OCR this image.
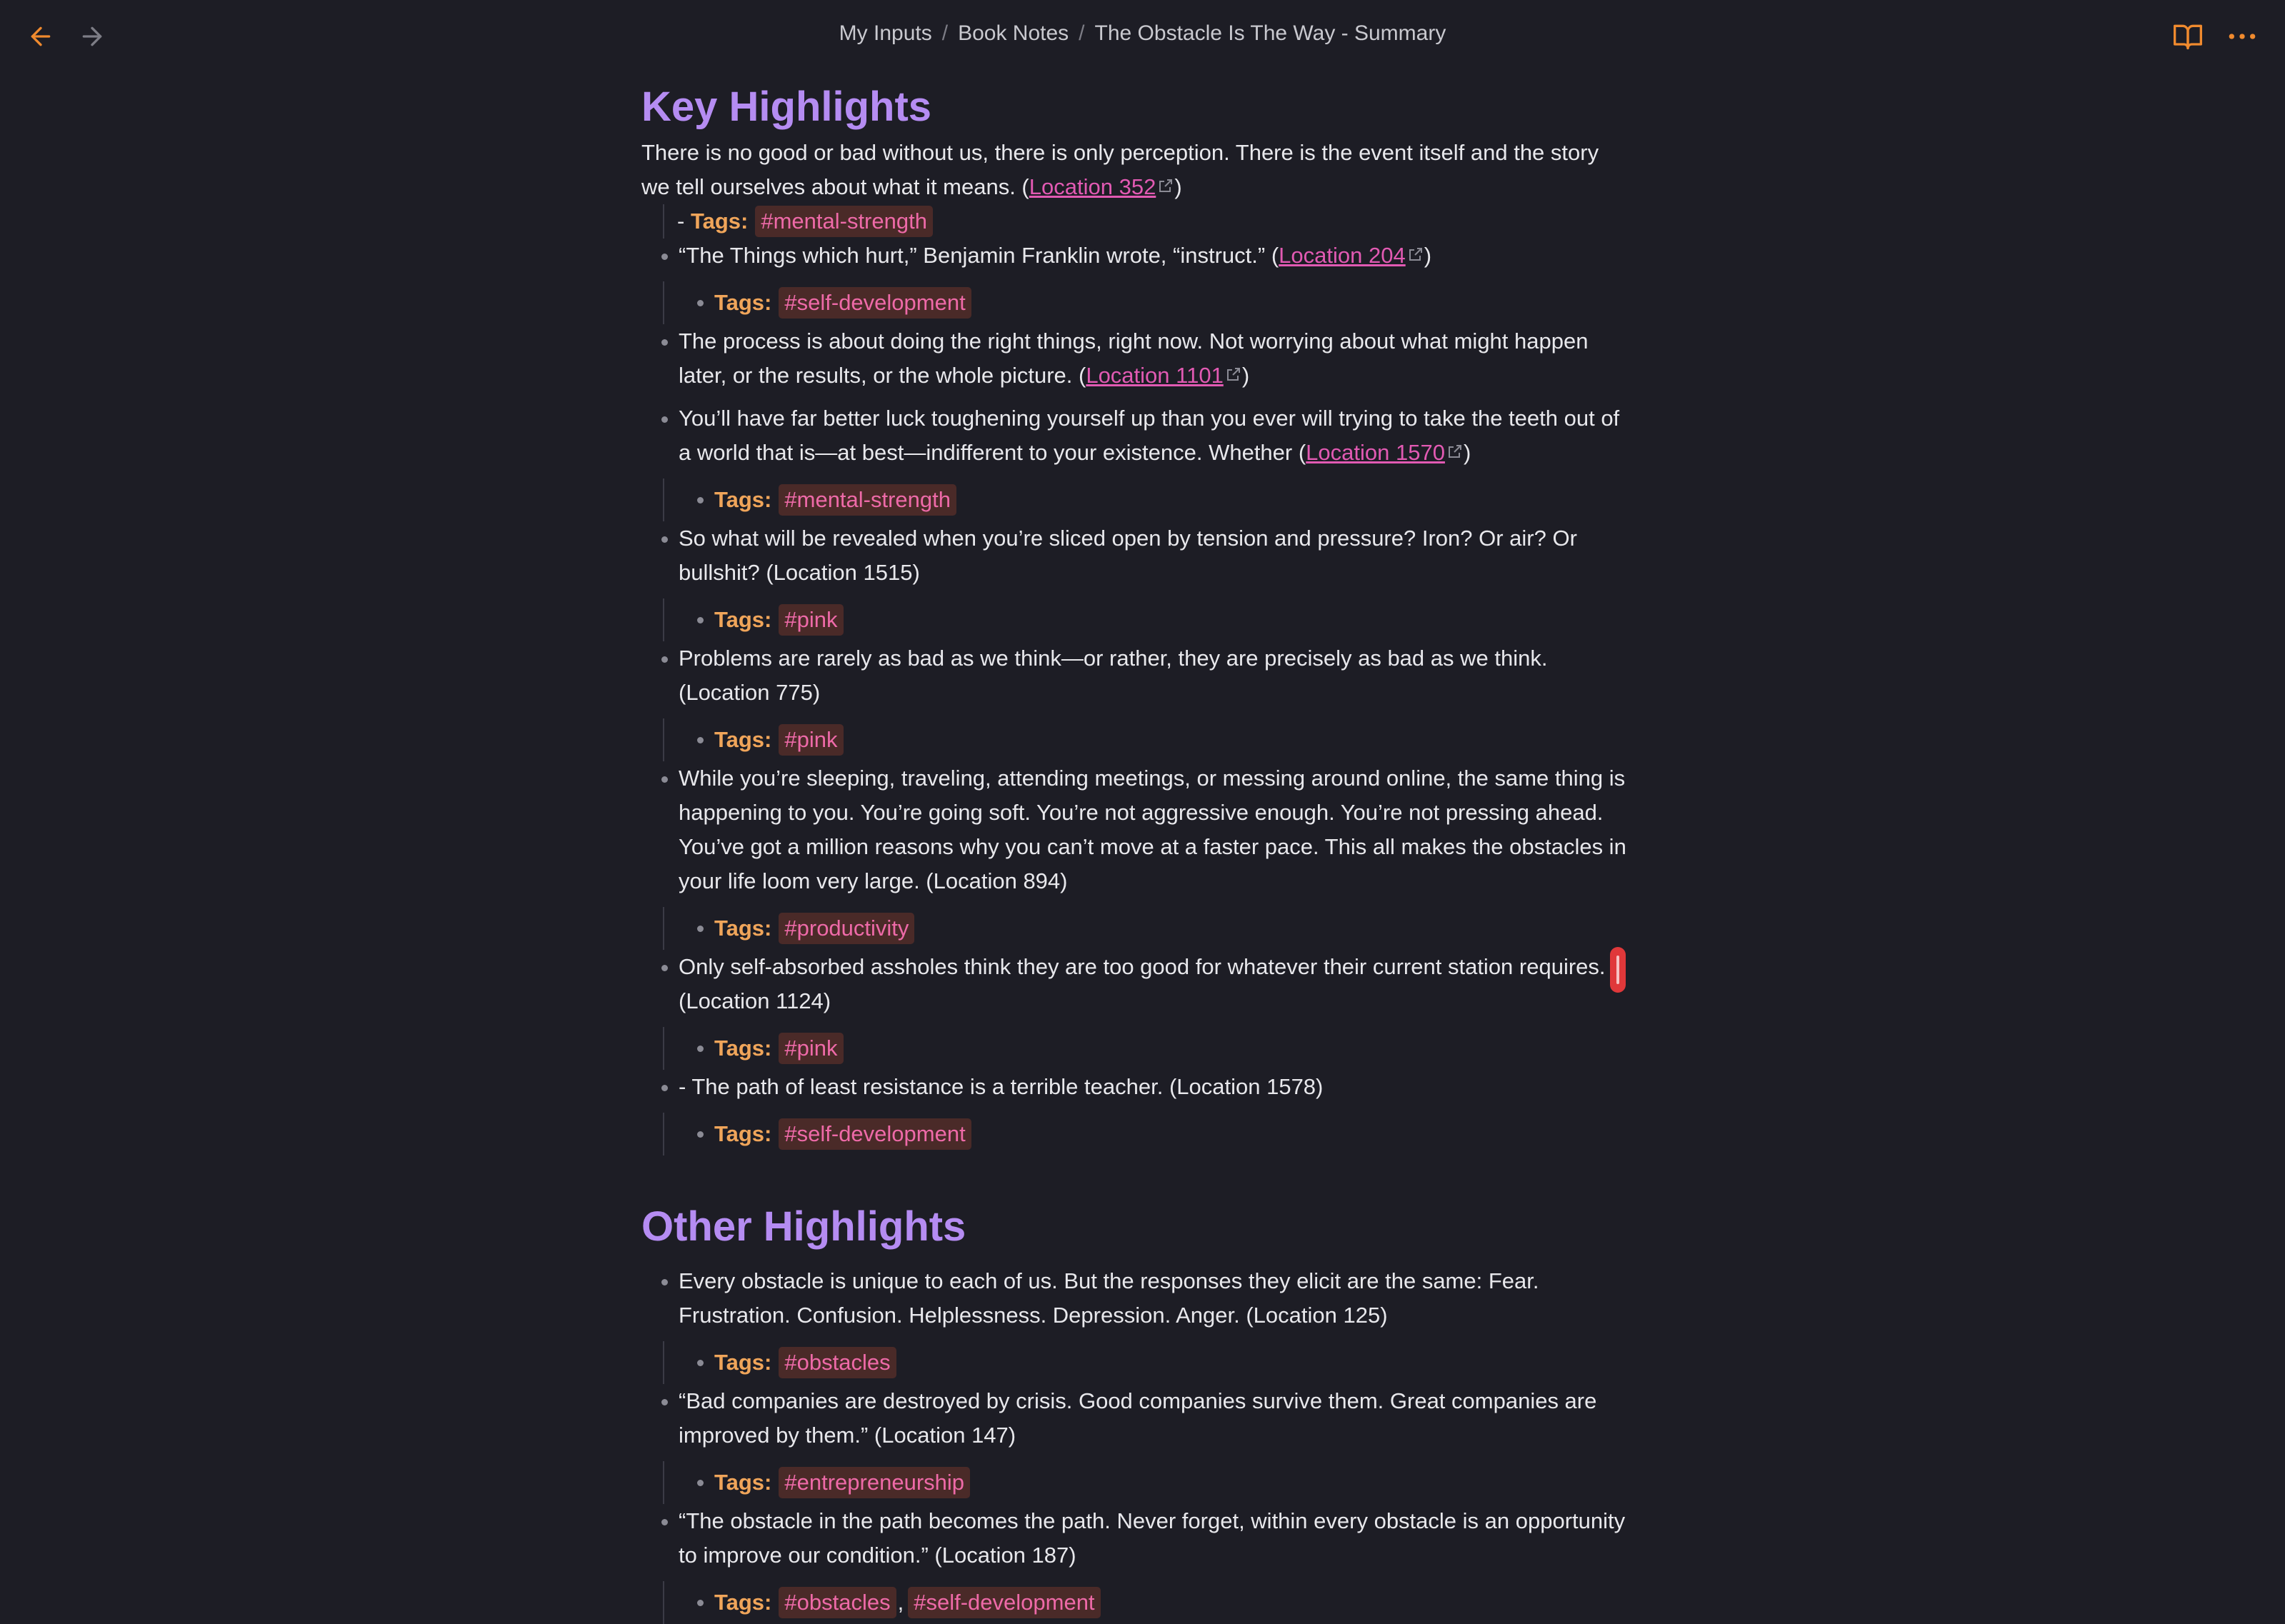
My Inputs / Book Notes / The Obstacle Is The Way - Summary
Key Highlights
There is no good or bad without us, there is only perception. There is the event itself and the story we tell ourselves about what it means. (Location 352 )
- Tags: #mental-strength
“The Things which hurt,” Benjamin Franklin wrote, “instruct.” (Location 204 )
Tags: #self-development
The process is about doing the right things, right now. Not worrying about what might happen later, or the results, or the whole picture. (Location 1101 )
You’ll have far better luck toughening yourself up than you ever will trying to take the teeth out of a world that is—at best—indifferent to your existence. Whether (Location 1570 )
Tags: #mental-strength
So what will be revealed when you’re sliced open by tension and pressure? Iron? Or air? Or bullshit? (Location 1515)
Tags: #pink
Problems are rarely as bad as we think—or rather, they are precisely as bad as we think. (Location 775)
Tags: #pink
While you’re sleeping, traveling, attending meetings, or messing around online, the same thing is happening to you. You’re going soft. You’re not aggressive enough. You’re not pressing ahead. You’ve got a million reasons why you can’t move at a faster pace. This all makes the obstacles in your life loom very large. (Location 894)
Tags: #productivity
Only self-absorbed assholes think they are too good for whatever their current station requires. (Location 1124)
Tags: #pink
- The path of least resistance is a terrible teacher. (Location 1578)
Tags: #self-development
Other Highlights
Every obstacle is unique to each of us. But the responses they elicit are the same: Fear. Frustration. Confusion. Helplessness. Depression. Anger. (Location 125)
Tags: #obstacles
“Bad companies are destroyed by crisis. Good companies survive them. Great companies are improved by them.” (Location 147)
Tags: #entrepreneurship
“The obstacle in the path becomes the path. Never forget, within every obstacle is an opportunity to improve our condition.” (Location 187)
Tags: #obstacles , #self-development
